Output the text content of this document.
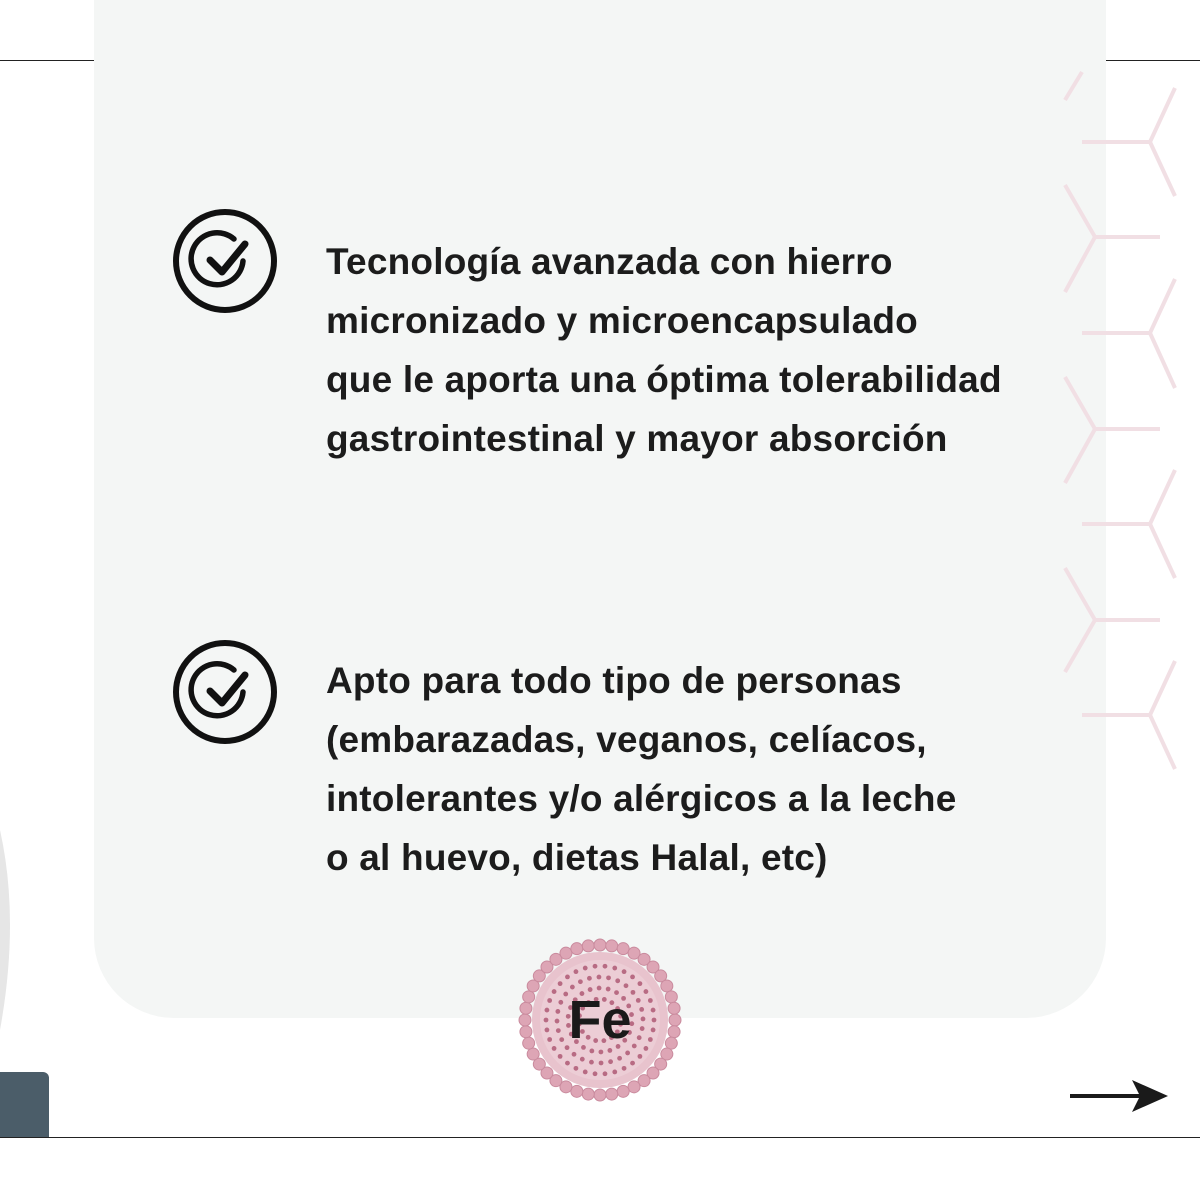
Tecnología avanzada con hierro
micronizado y microencapsulado
que le aporta una óptima tolerabilidad
gastrointestinal y mayor absorción
Apto para todo tipo de personas
(embarazadas, veganos, celíacos,
intolerantes y/o alérgicos a la leche
o al huevo, dietas Halal, etc)
Fe
